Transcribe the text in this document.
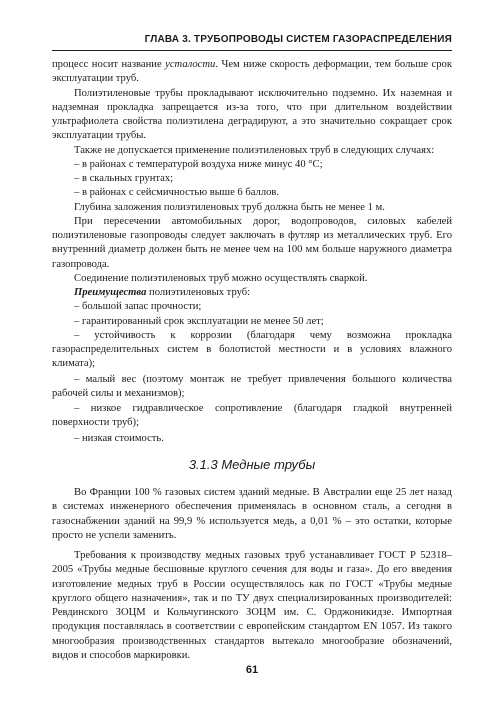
ГЛАВА 3. ТРУБОПРОВОДЫ СИСТЕМ ГАЗОРАСПРЕДЕЛЕНИЯ

процесс носит название усталости. Чем ниже скорость деформации, тем больше срок эксплуатации труб.

Полиэтиленовые трубы прокладывают исключительно подземно. Их наземная и надземная прокладка запрещается из-за того, что при длительном воздействии ультрафиолета свойства полиэтилена деградируют, а это значительно сокращает срок эксплуатации трубы.

Также не допускается применение полиэтиленовых труб в следующих случаях:

– в районах с температурой воздуха ниже минус 40 °С;

– в скальных грунтах;

– в районах с сейсмичностью выше 6 баллов.

Глубина заложения полиэтиленовых труб должна быть не менее 1 м.

При пересечении автомобильных дорог, водопроводов, силовых кабелей полиэтиленовые газопроводы следует заключать в футляр из металлических труб. Его внутренний диаметр должен быть не менее чем на 100 мм больше наружного диаметра газопровода.

Соединение полиэтиленовых труб можно осуществлять сваркой.

Преимущества полиэтиленовых труб:

– большой запас прочности;

– гарантированный срок эксплуатации не менее 50 лет;

– устойчивость к коррозии (благодаря чему возможна прокладка газораспределительных систем в болотистой местности и в условиях влажного климата);

– малый вес (поэтому монтаж не требует привлечения большого количества рабочей силы и механизмов);

– низкое гидравлическое сопротивление (благодаря гладкой внутренней поверхности труб);

– низкая стоимость.

3.1.3 Медные трубы

Во Франции 100 % газовых систем зданий медные. В Австралии еще 25 лет назад в системах инженерного обеспечения применялась в основном сталь, а сегодня в газоснабжении зданий на 99,9 % используется медь, а 0,01 % – это остатки, которые просто не успели заменить.

Требования к производству медных газовых труб устанавливает ГОСТ Р 52318–2005 «Трубы медные бесшовные круглого сечения для воды и газа». До его введения изготовление медных труб в России осуществлялось как по ГОСТ «Трубы медные круглого общего назначения», так и по ТУ двух специализированных производителей: Ревдинского ЗОЦМ и Кольчугинского ЗОЦМ им. С. Орджоникидзе. Импортная продукция поставлялась в соответствии с европейским стандартом EN 1057. Из такого многообразия производственных стандартов вытекало многообразие обозначений, видов и способов маркировки.

61
